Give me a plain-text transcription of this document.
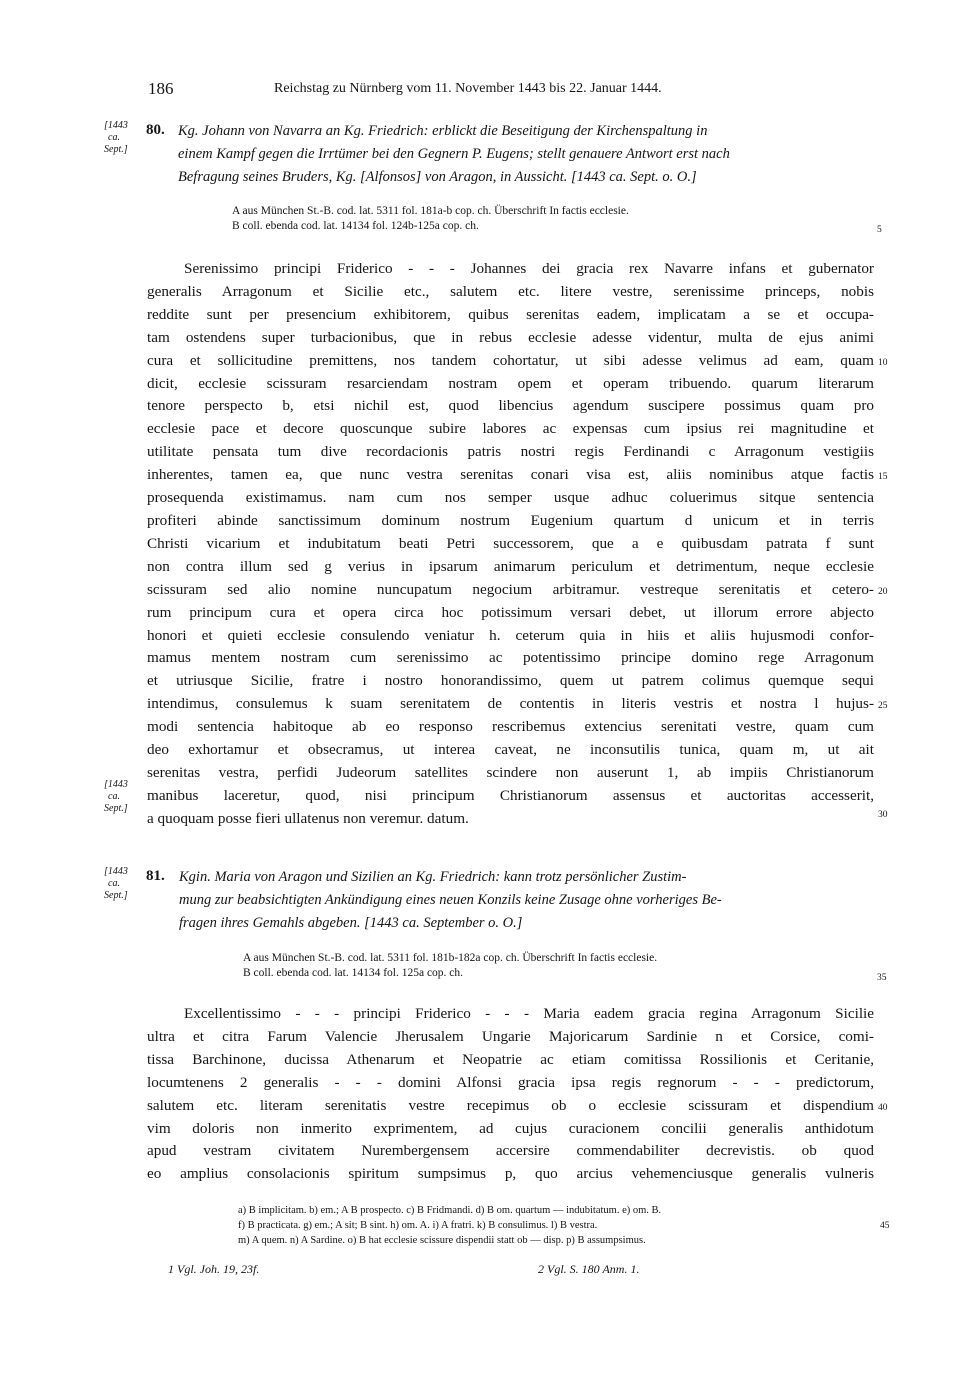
186	Reichstag zu Nürnberg vom 11. November 1443 bis 22. Januar 1444.
[1443
ca.
Sept.]
80. Kg. Johann von Navarra an Kg. Friedrich: erblickt die Beseitigung der Kirchenspaltung in
einem Kampf gegen die Irrtümer bei den Gegnern P. Eugens; stellt genauere Antwort erst nach
Befragung seines Bruders, Kg. [Alfonsos] von Aragon, in Aussicht. [1443 ca. Sept. o. O.]
A aus München St.-B. cod. lat. 5311 fol. 181a-b cop. ch. Überschrift In factis ecclesie.
B coll. ebenda cod. lat. 14134 fol. 124b-125a cop. ch.	5
Serenissimo principi Friderico - - - Johannes dei gracia rex Navarre infans et gubernator
generalis Arragonum et Sicilie etc., salutem etc. litere vestre, serenissime princeps, nobis
reddite sunt per presencium exhibitorem, quibus serenitas eadem, implicatam a se et occupa-
tam ostendens super turbacionibus, que in rebus ecclesie adesse videntur, multa de ejus animi
cura et sollicitudine premittens, nos tandem cohortatur, ut sibi adesse velimus ad eam, quam
dicit, ecclesie scissuram resarciendam nostram opem et operam tribuendo. quarum literarum
tenore perspecto b, etsi nichil est, quod libencius agendum suscipere possimus quam pro
ecclesie pace et decore quoscunque subire labores ac expensas cum ipsius rei magnitudine et
utilitate pensata tum dive recordacionis patris nostri regis Ferdinandi c Arragonum vestigiis
inherentes, tamen ea, que nunc vestra serenitas conari visa est, aliis nominibus atque factis
prosequenda existimamus. nam cum nos semper usque adhuc coluerimus sitque sentencia
profiteri abinde sanctissimum dominum nostrum Eugenium quartum d unicum et in terris
Christi vicarium et indubitatum beati Petri successorem, que a e quibusdam patrata f sunt
non contra illum sed g verius in ipsarum animarum periculum et detrimentum, neque ecclesie
scissuram sed alio nomine nuncupatum negocium arbitramur. vestreque serenitatis et cetero-
rum principum cura et opera circa hoc potissimum versari debet, ut illorum errore abjecto
honori et quieti ecclesie consulendo veniatur h. ceterum quia in hiis et aliis hujusmodi confor-
mamus mentem nostram cum serenissimo ac potentissimo principe domino rege Arragonum
et utriusque Sicilie, fratre i nostro honorandissimo, quem ut patrem colimus quemque sequi
intendimus, consulemus k suam serenitatem de contentis in literis vestris et nostra l hujus-
modi sentencia habitoque ab eo responso rescribemus extencius serenitati vestre, quam cum
deo exhortamur et obsecramus, ut interea caveat, ne inconsutilis tunica, quam m, ut ait
serenitas vestra, perfidi Judeorum satellites scindere non auserunt 1, ab impiis Christianorum
manibus laceretur, quod, nisi principum Christianorum assensus et auctoritas accesserit,
a quoquam posse fieri ullatenus non veremur. datum.
10
15
20
25
30
[1443
ca.
Sept.]
[1443
ca.
Sept.]
81. Kgin. Maria von Aragon und Sizilien an Kg. Friedrich: kann trotz persönlicher Zustim-
mung zur beabsichtigten Ankündigung eines neuen Konzils keine Zusage ohne vorheriges Be-
fragen ihres Gemahls abgeben. [1443 ca. September o. O.]
A aus München St.-B. cod. lat. 5311 fol. 181b-182a cop. ch. Überschrift In factis ecclesie.
B coll. ebenda cod. lat. 14134 fol. 125a cop. ch.	35
Excellentissimo - - - principi Friderico - - - Maria eadem gracia regina Arragonum Sicilie
ultra et citra Farum Valencie Jherusalem Ungarie Majoricarum Sardinie n et Corsice, comi-
tissa Barchinone, ducissa Athenarum et Neopatrie ac etiam comitissa Rossilionis et Ceritanie,
locumtenens 2 generalis - - - domini Alfonsi gracia ipsa regis regnorum - - - predictorum,
salutem etc. literam serenitatis vestre recepimus ob o ecclesie scissuram et dispendium
vim doloris non inmerito exprimentem, ad cujus curacionem concilii generalis anthidotum
apud vestram civitatem Nurembergensem accersire commendabiliter decrevistis. ob quod
eo amplius consolacionis spiritum sumpsimus p, quo arcius vehemenciusque generalis vulneris
40
a) B implicitam. b) em.; A B prospecto. c) B Fridmandi. d) B om. quartum — indubitatum. e) om. B.
f) B practicata. g) em.; A sit; B sint. h) om. A. i) A fratri. k) B consulimus. l) B vestra.
m) A quem. n) A Sardine. o) B hat ecclesie scissure dispendii statt ob — disp. p) B assumpsimus.
45
1 Vgl. Joh. 19, 23f.	2 Vgl. S. 180 Anm. 1.
